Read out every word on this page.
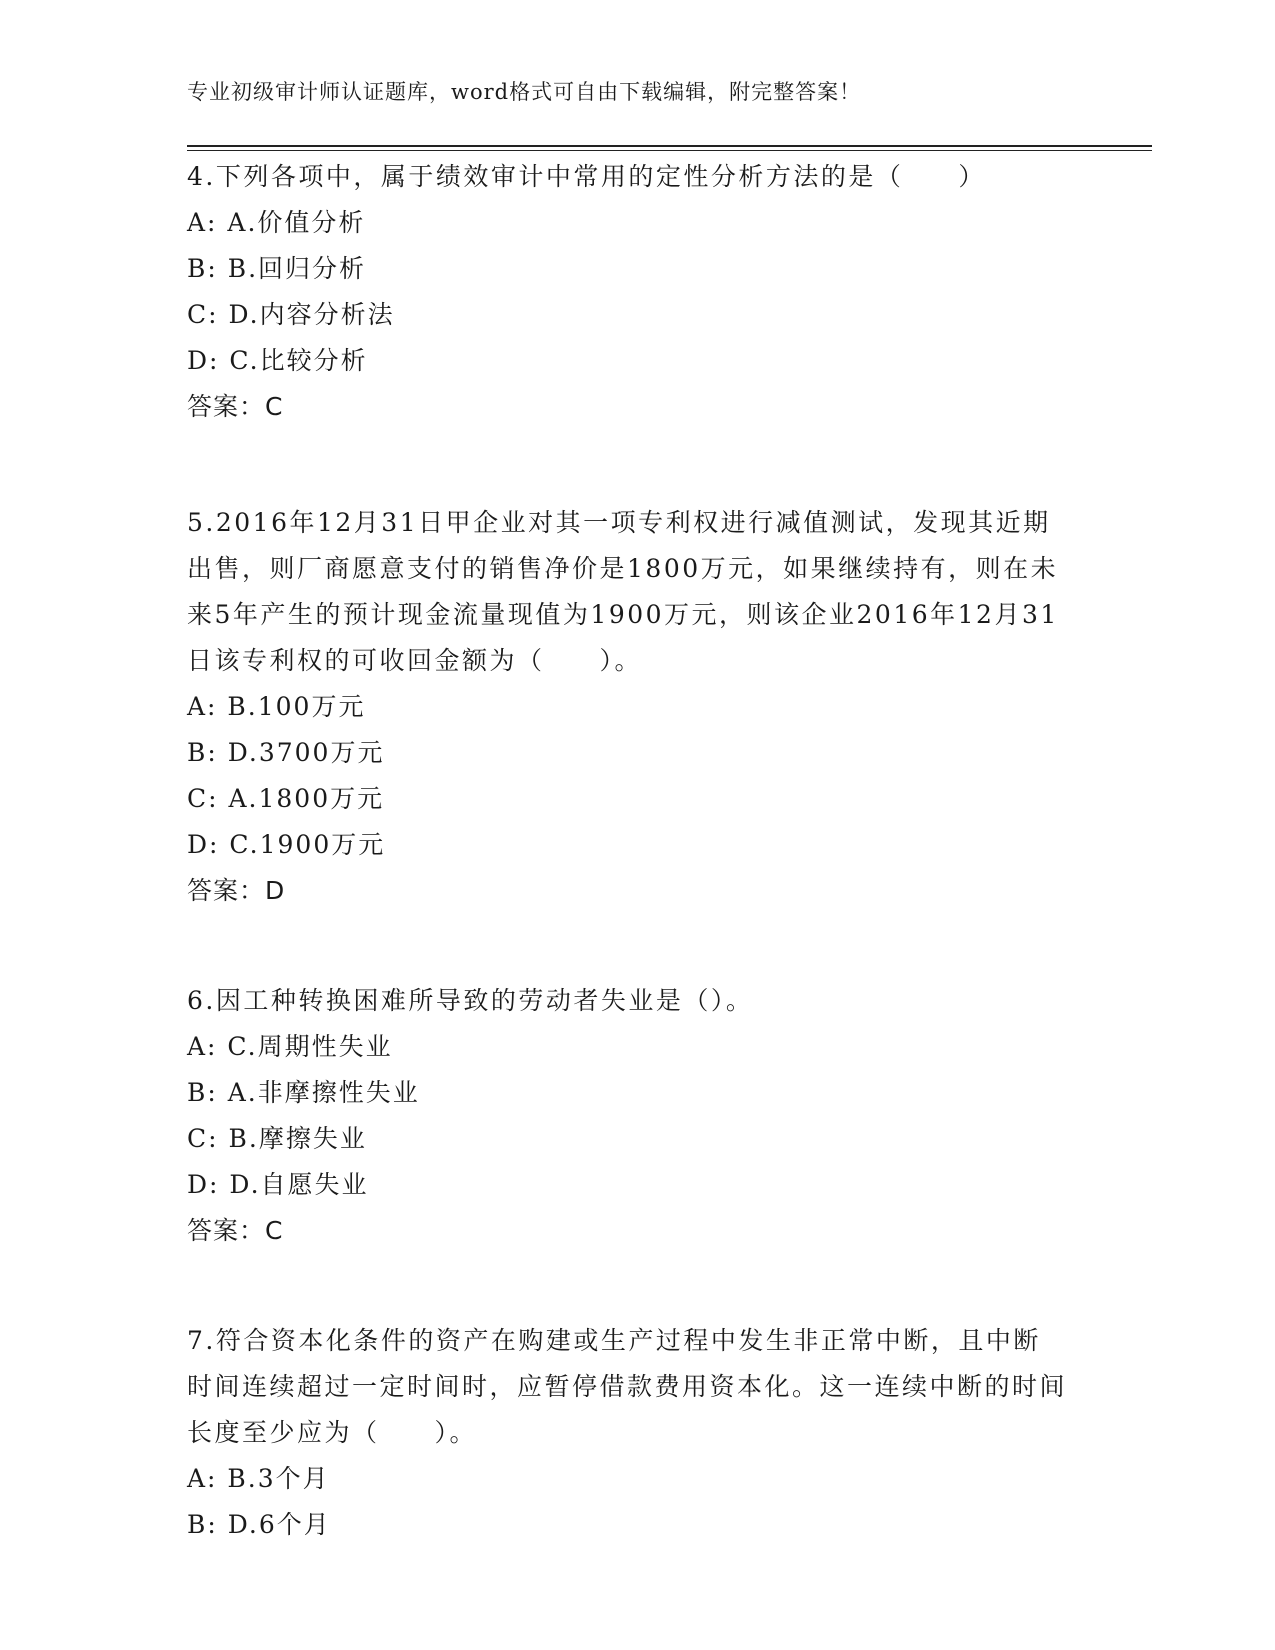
专业初级审计师认证题库，word格式可自由下载编辑，附完整答案！

4.下列各项中，属于绩效审计中常用的定性分析方法的是（　　）

A: A.价值分析

B: B.回归分析

C: D.内容分析法

D: C.比较分析

答案：C

5.2016年12月31日甲企业对其一项专利权进行减值测试，发现其近期出售，则厂商愿意支付的销售净价是1800万元，如果继续持有，则在未来5年产生的预计现金流量现值为1900万元，则该企业2016年12月31日该专利权的可收回金额为（　　）。

A: B.100万元

B: D.3700万元

C: A.1800万元

D: C.1900万元

答案：D

6.因工种转换困难所导致的劳动者失业是（）。

A: C.周期性失业

B: A.非摩擦性失业

C: B.摩擦失业

D: D.自愿失业

答案：C

7.符合资本化条件的资产在购建或生产过程中发生非正常中断，且中断时间连续超过一定时间时，应暂停借款费用资本化。这一连续中断的时间长度至少应为（　　）。

A: B.3个月

B: D.6个月
